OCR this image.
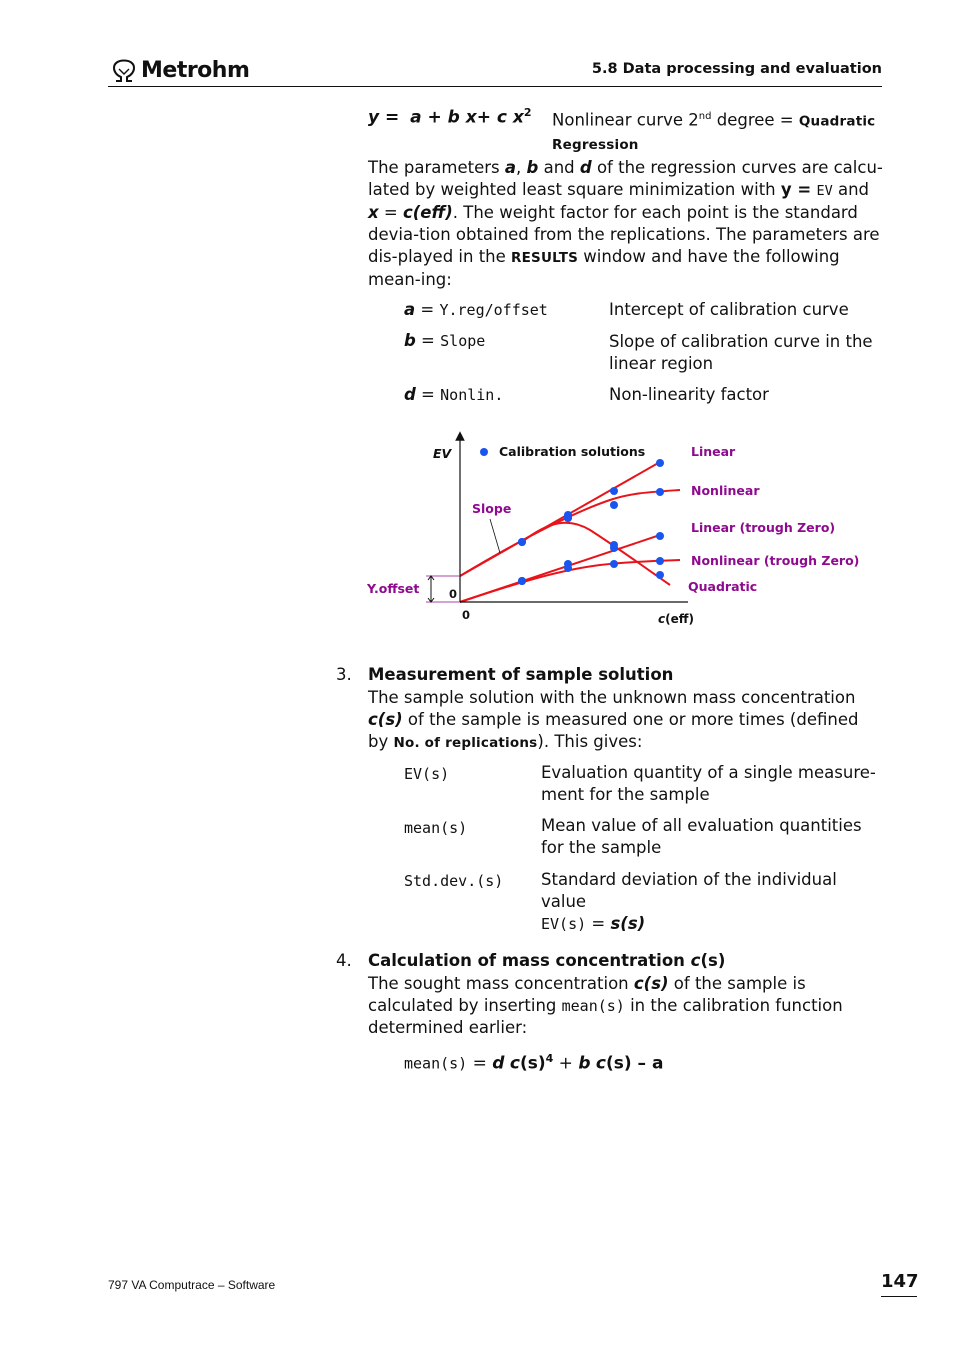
Metrohm	5.8 Data processing and evaluation
y = a + b x+ c $x^2$ Nonlinear curve 2nd degree = Quadratic
Regression

The parameters a, b and d of the regression curves are calcu-lated by weighted least square minimization with y = EV and x = c(eff). The weight factor for each point is the standard devia-tion obtained from the replications. The parameters are dis-played in the RESULTS window and have the following mean-ing:

a = Y.reg/offset	Intercept of calibration curve
b = Slope	Slope of calibration curve in the linear region
d = Nonlin.	Non-linearity factor
Linear
Nonlinear
Linear (trough Zero)
Nonlinear (trough Zero)
Quadratic
EV
c(eff)
0
0
Calibration solutions
Slope
Y.offset
3. Measurement of sample solution

The sample solution with the unknown mass concentration c(s) of the sample is measured one or more times (defined by No. of replications). This gives:

EV(s)	Evaluation quantity of a single measure-ment for the sample
mean(s)	Mean value of all evaluation quantities for the sample
Std.dev.(s) Standard deviation of the individual value
EV(s) = s(s)

4. Calculation of mass concentration c(s)

The sought mass concentration c(s) of the sample is calculated by inserting mean(s) in the calibration function determined earlier:

mean(s) = d $c(s)^4 + b$ c(s) – a
797 VA Computrace – Software	147
